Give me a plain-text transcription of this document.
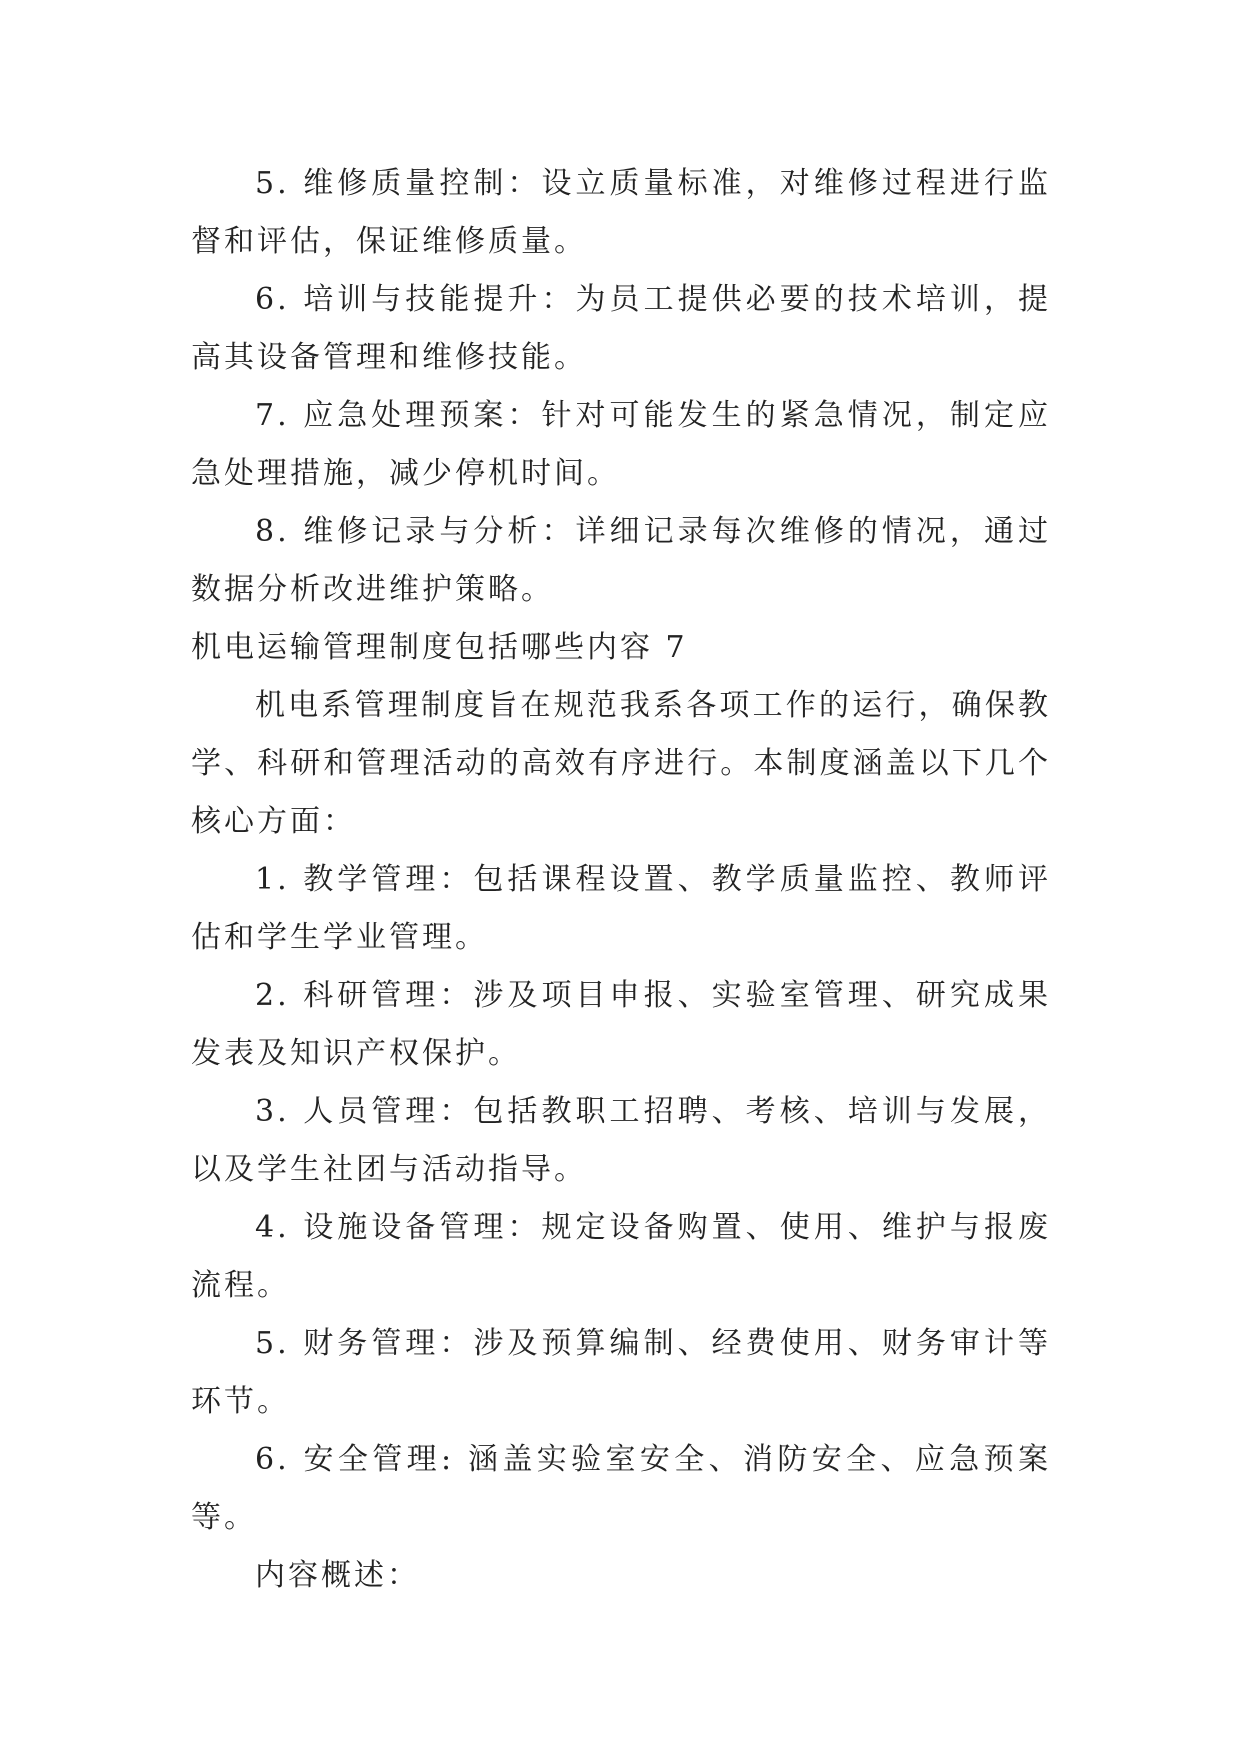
5. 维修质量控制：设立质量标准，对维修过程进行监督和评估，保证维修质量。

6. 培训与技能提升：为员工提供必要的技术培训，提高其设备管理和维修技能。

7. 应急处理预案：针对可能发生的紧急情况，制定应急处理措施，减少停机时间。

8. 维修记录与分析：详细记录每次维修的情况，通过数据分析改进维护策略。

机电运输管理制度包括哪些内容 7

机电系管理制度旨在规范我系各项工作的运行，确保教学、科研和管理活动的高效有序进行。本制度涵盖以下几个核心方面：

1. 教学管理：包括课程设置、教学质量监控、教师评估和学生学业管理。

2. 科研管理：涉及项目申报、实验室管理、研究成果发表及知识产权保护。

3. 人员管理：包括教职工招聘、考核、培训与发展，以及学生社团与活动指导。

4. 设施设备管理：规定设备购置、使用、维护与报废流程。

5. 财务管理：涉及预算编制、经费使用、财务审计等环节。

6. 安全管理: 涵盖实验室安全、消防安全、应急预案等。

内容概述：
